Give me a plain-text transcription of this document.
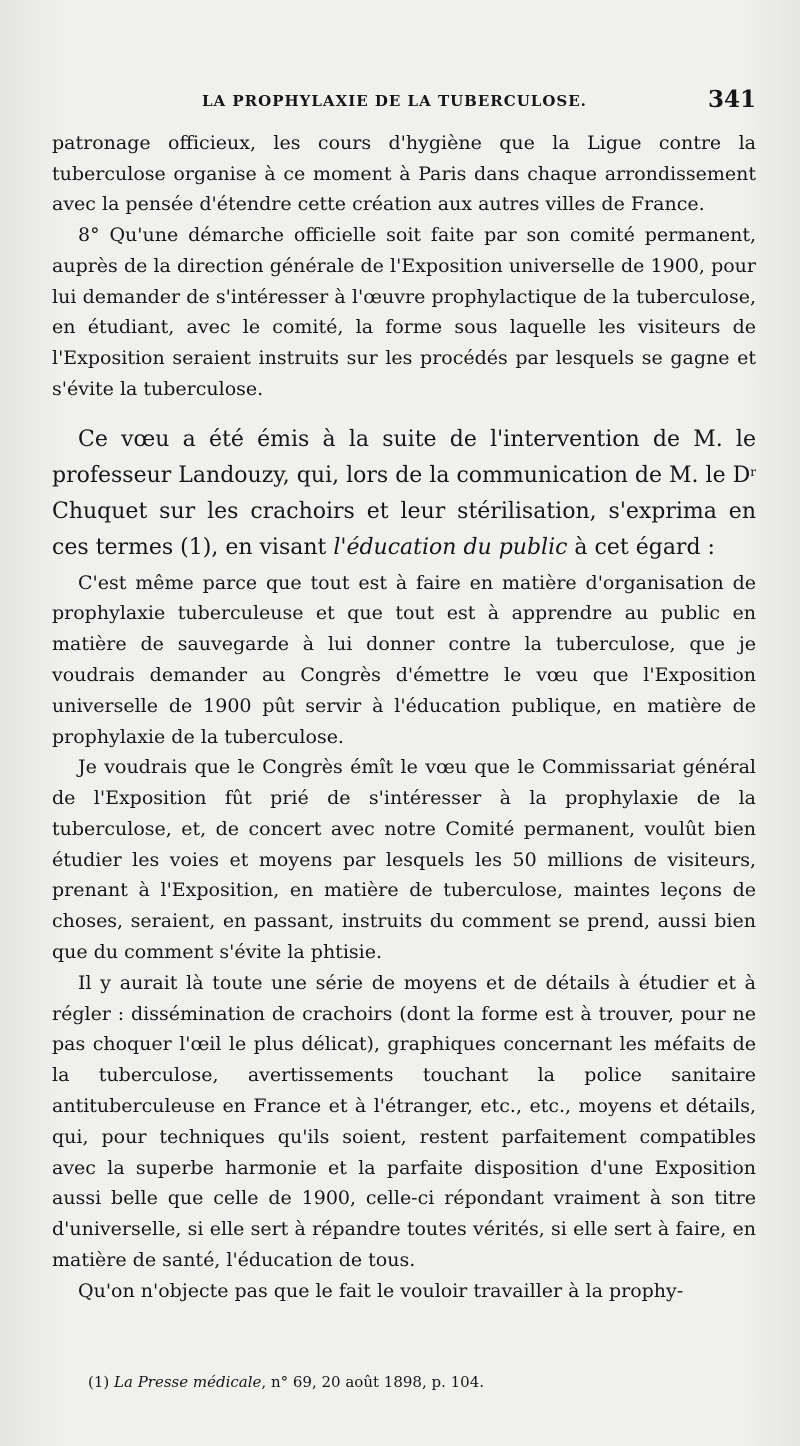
LA PROPHYLAXIE DE LA TUBERCULOSE.	341

patronage officieux, les cours d'hygiène que la Ligue contre la tuberculose organise à ce moment à Paris dans chaque arrondissement avec la pensée d'étendre cette création aux autres villes de France.

8° Qu'une démarche officielle soit faite par son comité permanent, auprès de la direction générale de l'Exposition universelle de 1900, pour lui demander de s'intéresser à l'œuvre prophylactique de la tuberculose, en étudiant, avec le comité, la forme sous laquelle les visiteurs de l'Exposition seraient instruits sur les procédés par lesquels se gagne et s'évite la tuberculose.

Ce vœu a été émis à la suite de l'intervention de M. le professeur Landouzy, qui, lors de la communication de M. le $D^r$ Chuquet sur les crachoirs et leur stérilisation, s'exprima en ces termes (1), en visant l'éducation du public à cet égard :

C'est même parce que tout est à faire en matière d'organisation de prophylaxie tuberculeuse et que tout est à apprendre au public en matière de sauvegarde à lui donner contre la tuberculose, que je voudrais demander au Congrès d'émettre le vœu que l'Exposition universelle de 1900 pût servir à l'éducation publique, en matière de prophylaxie de la tuberculose.

Je voudrais que le Congrès émît le vœu que le Commissariat général de l'Exposition fût prié de s'intéresser à la prophylaxie de la tuberculose, et, de concert avec notre Comité permanent, voulût bien étudier les voies et moyens par lesquels les 50 millions de visiteurs, prenant à l'Exposition, en matière de tuberculose, maintes leçons de choses, seraient, en passant, instruits du comment se prend, aussi bien que du comment s'évite la phtisie.

Il y aurait là toute une série de moyens et de détails à étudier et à régler : dissémination de crachoirs (dont la forme est à trouver, pour ne pas choquer l'œil le plus délicat), graphiques concernant les méfaits de la tuberculose, avertissements touchant la police sanitaire antituberculeuse en France et à l'étranger, etc., etc., moyens et détails, qui, pour techniques qu'ils soient, restent parfaitement compatibles avec la superbe harmonie et la parfaite disposition d'une Exposition aussi belle que celle de 1900, celle-ci répondant vraiment à son titre d'universelle, si elle sert à répandre toutes vérités, si elle sert à faire, en matière de santé, l'éducation de tous.

Qu'on n'objecte pas que le fait le vouloir travailler à la prophy-

(1) La Presse médicale, n° 69, 20 août 1898, p. 104.
